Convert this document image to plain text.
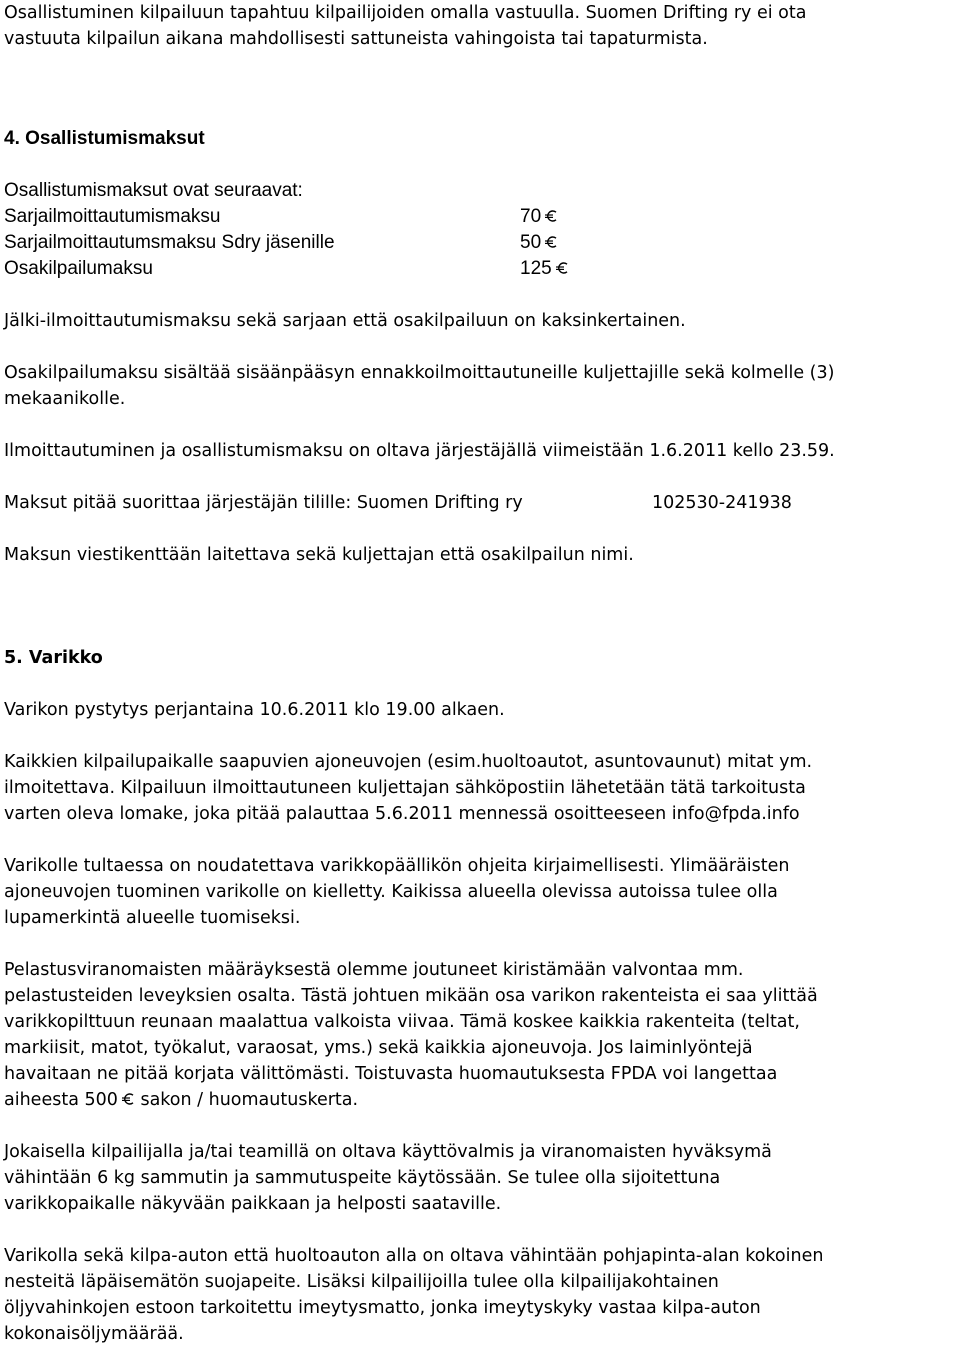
Osallistuminen kilpailuun tapahtuu kilpailijoiden omalla vastuulla. Suomen Drifting ry ei ota
vastuuta kilpailun aikana mahdollisesti sattuneista vahingoista tai tapaturmista.
4. Osallistumismaksut
Osallistumismaksut ovat seuraavat:
Sarjailmoittautumismaksu	70
Sarjailmoittautumsmaksu Sdry jäsenille	50
Osakilpailumaksu	125
Jälki-ilmoittautumismaksu sekä sarjaan että osakilpailuun on kaksinkertainen.
Osakilpailumaksu sisältää sisäänpääsyn ennakkoilmoittautuneille kuljettajille sekä kolmelle (3)
mekaanikolle.
Ilmoittautuminen ja osallistumismaksu on oltava järjestäjällä viimeistään 1.6.2011 kello 23.59.
Maksut pitää suorittaa järjestäjän tilille: Suomen Drifting ry	102530-241938
Maksun viestikenttään laitettava sekä kuljettajan että osakilpailun nimi.
5. Varikko
Varikon pystytys perjantaina 10.6.2011 klo 19.00 alkaen.
Kaikkien kilpailupaikalle saapuvien ajoneuvojen (esim.huoltoautot, asuntovaunut) mitat ym.
ilmoitettava. Kilpailuun ilmoittautuneen kuljettajan sähköpostiin lähetetään tätä tarkoitusta
varten oleva lomake, joka pitää palauttaa 5.6.2011 mennessä osoitteeseen info@fpda.info
Varikolle tultaessa on noudatettava varikkopäällikön ohjeita kirjaimellisesti. Ylimääräisten
ajoneuvojen tuominen varikolle on kielletty. Kaikissa alueella olevissa autoissa tulee olla
lupamerkintä alueelle tuomiseksi.
Pelastusviranomaisten määräyksestä olemme joutuneet kiristämään valvontaa mm.
pelastusteiden leveyksien osalta. Tästä johtuen mikään osa varikon rakenteista ei saa ylittää
varikkopilttuun reunaan maalattua valkoista viivaa. Tämä koskee kaikkia rakenteita (teltat,
markiisit, matot, työkalut, varaosat, yms.) sekä kaikkia ajoneuvoja. Jos laiminlyöntejä
havaitaan ne pitää korjata välittömästi. Toistuvasta huomautuksesta FPDA voi langettaa
aiheesta 500
sakon / huomautuskerta.
Jokaisella kilpailijalla ja/tai teamillä on oltava käyttövalmis ja viranomaisten hyväksymä
vähintään 6 kg sammutin ja sammutuspeite käytössään. Se tulee olla sijoitettuna
varikkopaikalle näkyvään paikkaan ja helposti saataville.
Varikolla sekä kilpa-auton että huoltoauton alla on oltava vähintään pohjapinta-alan kokoinen
nesteitä läpäisemätön suojapeite. Lisäksi kilpailijoilla tulee olla kilpailijakohtainen
öljyvahinkojen estoon tarkoitettu imeytysmatto, jonka imeytyskyky vastaa kilpa-auton
kokonaisöljymäärää.
